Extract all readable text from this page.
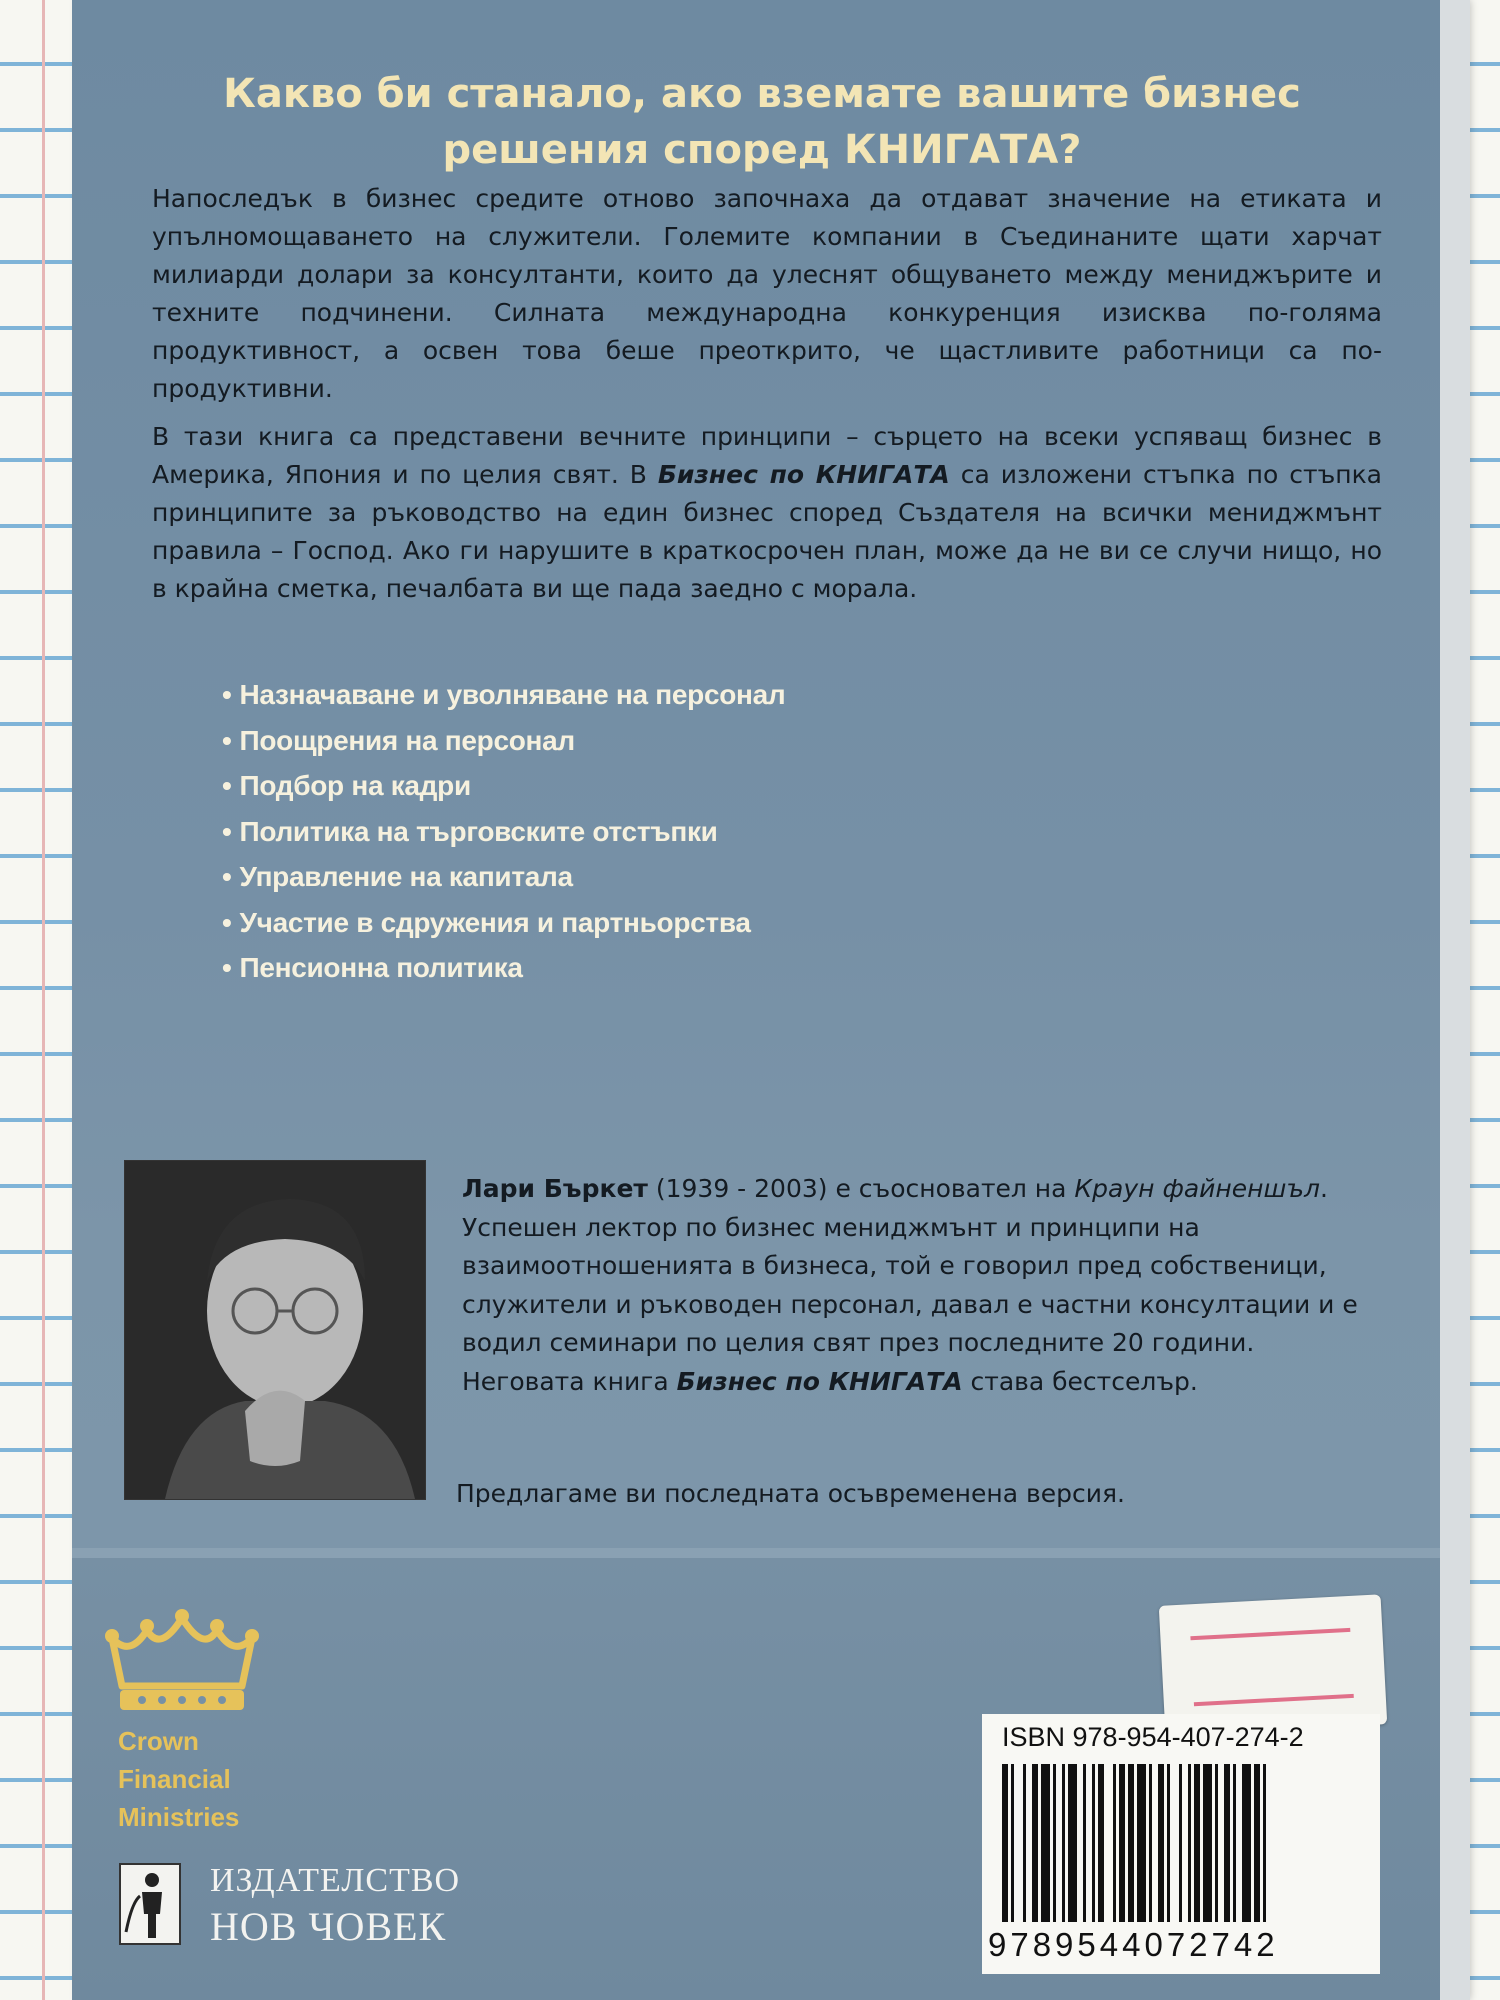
Какво би станало, ако вземате вашите бизнес
решения според КНИГАТА?
Напоследък в бизнес средите отново започнаха да отдават значение на етиката и упълномощаването на служители. Големите компании в Съединаните щати харчат милиарди долари за консултанти, които да улеснят общуването между мениджърите и техните подчинени. Силната международна конкуренция изисква по-голяма продуктивност, а освен това беше преоткрито, че щастливите работници са по-продуктивни.
В тази книга са представени вечните принципи – сърцето на всеки успяващ бизнес в Америка, Япония и по целия свят. В Бизнес по КНИГАТА са изложени стъпка по стъпка принципите за ръководство на един бизнес според Създателя на всички мениджмънт правила – Господ. Ако ги нарушите в краткосрочен план, може да не ви се случи нищо, но в крайна сметка, печалбата ви ще пада заедно с морала.
• Назначаване и уволняване на персонал
• Поощрения на персонал
• Подбор на кадри
• Политика на търговските отстъпки
• Управление на капитала
• Участие в сдружения и партньорства
• Пенсионна политика
Лари Бъркет (1939 - 2003) е съосновател на Краун файненшъл. Успешен лектор по бизнес мениджмънт и принципи на взаимоотношенията в бизнеса, той е говорил пред собственици, служители и ръководен персонал, давал е частни консултации и е водил семинари по целия свят през последните 20 години. Неговата книга Бизнес по КНИГАТА става бестселър.
Предлагаме ви последната осъвременена версия.
Crown
Financial
Ministries
ИЗДАТЕЛСТВО
НОВ ЧОВЕК
ISBN 978-954-407-274-2
9789544072742
